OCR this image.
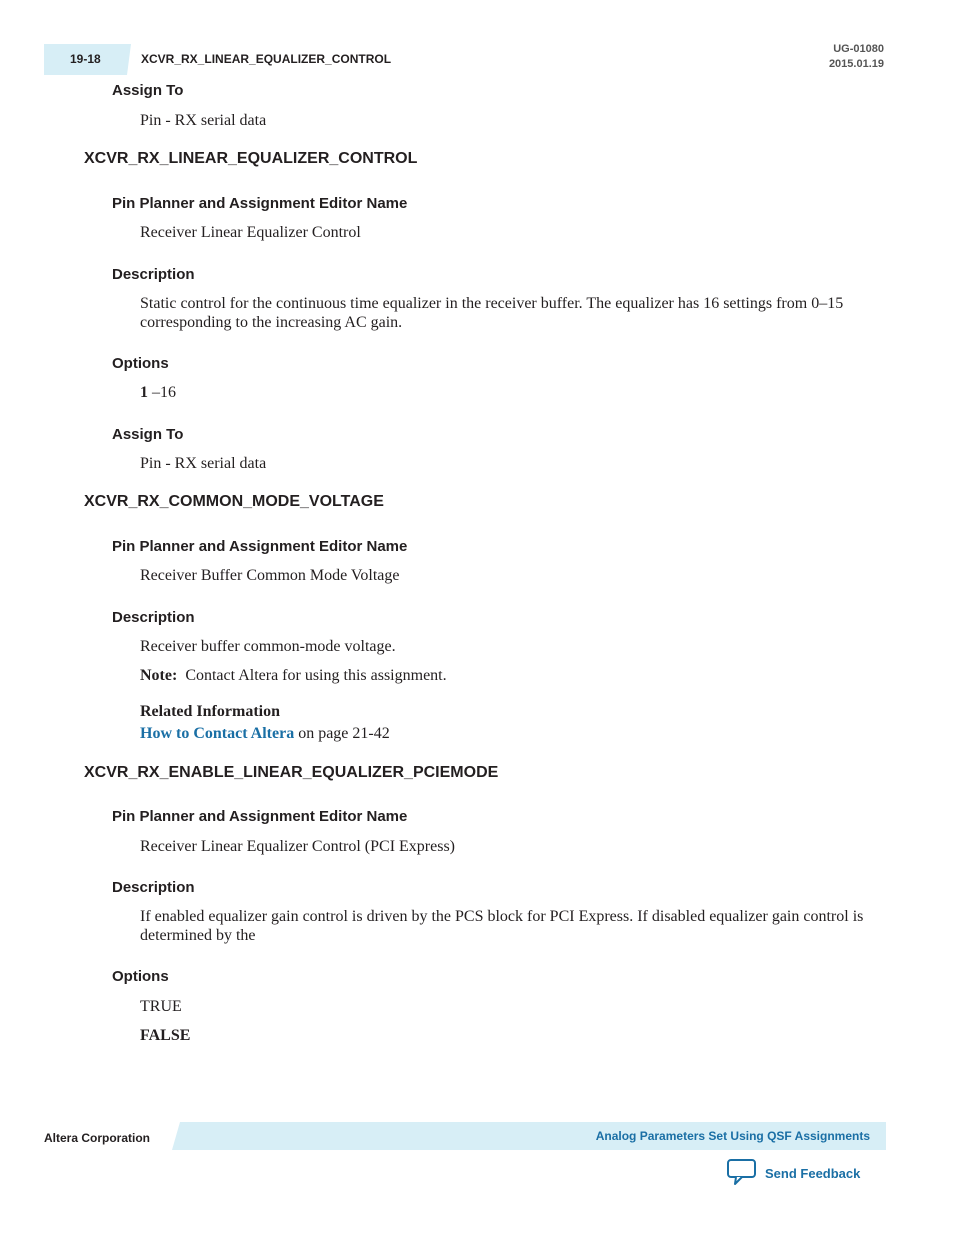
19-18	XCVR_RX_LINEAR_EQUALIZER_CONTROL
UG-01080
2015.01.19
Assign To

Pin - RX serial data

XCVR_RX_LINEAR_EQUALIZER_CONTROL
Pin Planner and Assignment Editor Name

Receiver Linear Equalizer Control

Description

Static control for the continuous time equalizer in the receiver buffer. The equalizer has 16 settings from 0–15 corresponding to the increasing AC gain.

Options

1 –16

Assign To

Pin - RX serial data

XCVR_RX_COMMON_MODE_VOLTAGE
Pin Planner and Assignment Editor Name

Receiver Buffer Common Mode Voltage

Description

Receiver buffer common-mode voltage.

Note: Contact Altera for using this assignment.

Related Information

How to Contact Altera on page 21-42

XCVR_RX_ENABLE_LINEAR_EQUALIZER_PCIEMODE
Pin Planner and Assignment Editor Name

Receiver Linear Equalizer Control (PCI Express)

Description

If enabled equalizer gain control is driven by the PCS block for PCI Express. If disabled equalizer gain control is determined by the

Options

TRUE

FALSE

Altera Corporation	Analog Parameters Set Using QSF Assignments
Send Feedback
